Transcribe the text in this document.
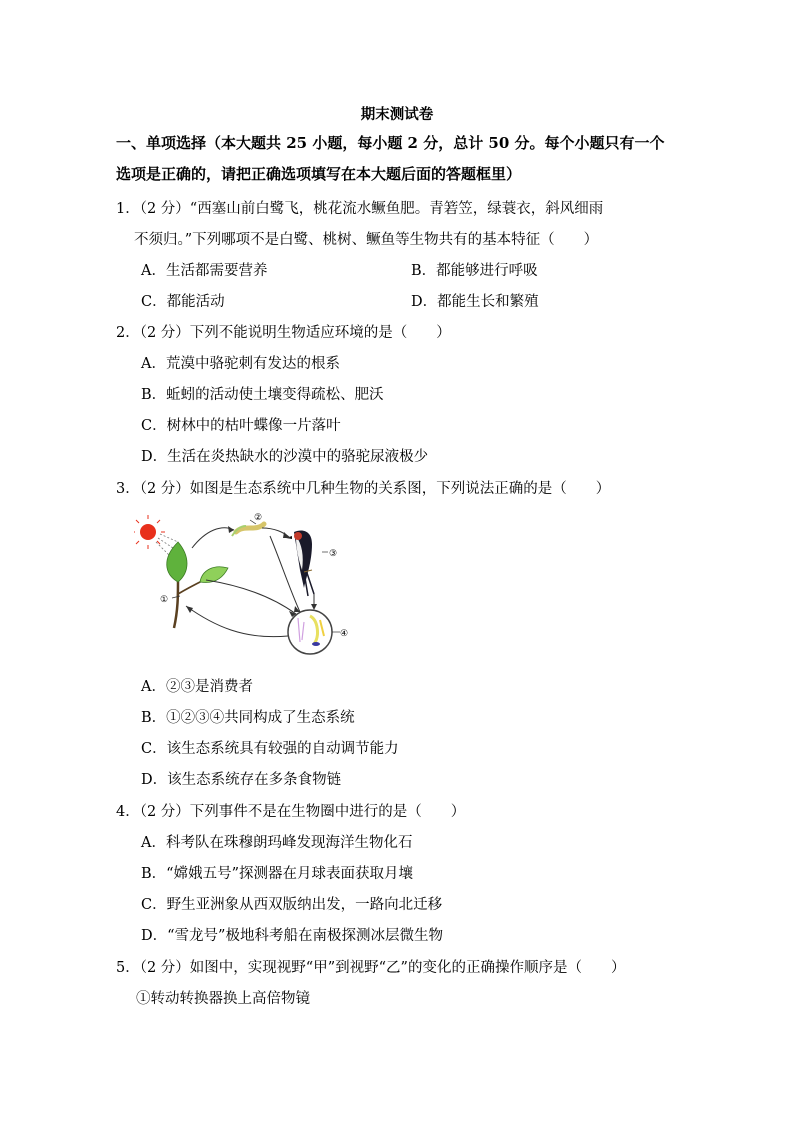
期末测试卷
一、单项选择（本大题共 25 小题，每小题 2 分，总计 50 分。每个小题只有一个选项是正确的，请把正确选项填写在本大题后面的答题框里）
1．（2 分）“西塞山前白鹭飞，桃花流水鳜鱼肥。青箬笠，绿蓑衣，斜风细雨
不须归。”下列哪项不是白鹭、桃树、鳜鱼等生物共有的基本特征（　　）
A．生活都需要营养	B．都能够进行呼吸
C．都能活动	D．都能生长和繁殖
2．（2 分）下列不能说明生物适应环境的是（　　）
A．荒漠中骆驼刺有发达的根系
B．蚯蚓的活动使土壤变得疏松、肥沃
C．树林中的枯叶蝶像一片落叶
D．生活在炎热缺水的沙漠中的骆驼尿液极少
3．（2 分）如图是生态系统中几种生物的关系图，下列说法正确的是（　　）
①
②
③
④
A．②③是消费者
B．①②③④共同构成了生态系统
C．该生态系统具有较强的自动调节能力
D．该生态系统存在多条食物链
4．（2 分）下列事件不是在生物圈中进行的是（　　）
A．科考队在珠穆朗玛峰发现海洋生物化石
B．“嫦娥五号”探测器在月球表面获取月壤
C．野生亚洲象从西双版纳出发，一路向北迁移
D．“雪龙号”极地科考船在南极探测冰层微生物
5．（2 分）如图中，实现视野“甲”到视野“乙”的变化的正确操作顺序是（　　）
①转动转换器换上高倍物镜
